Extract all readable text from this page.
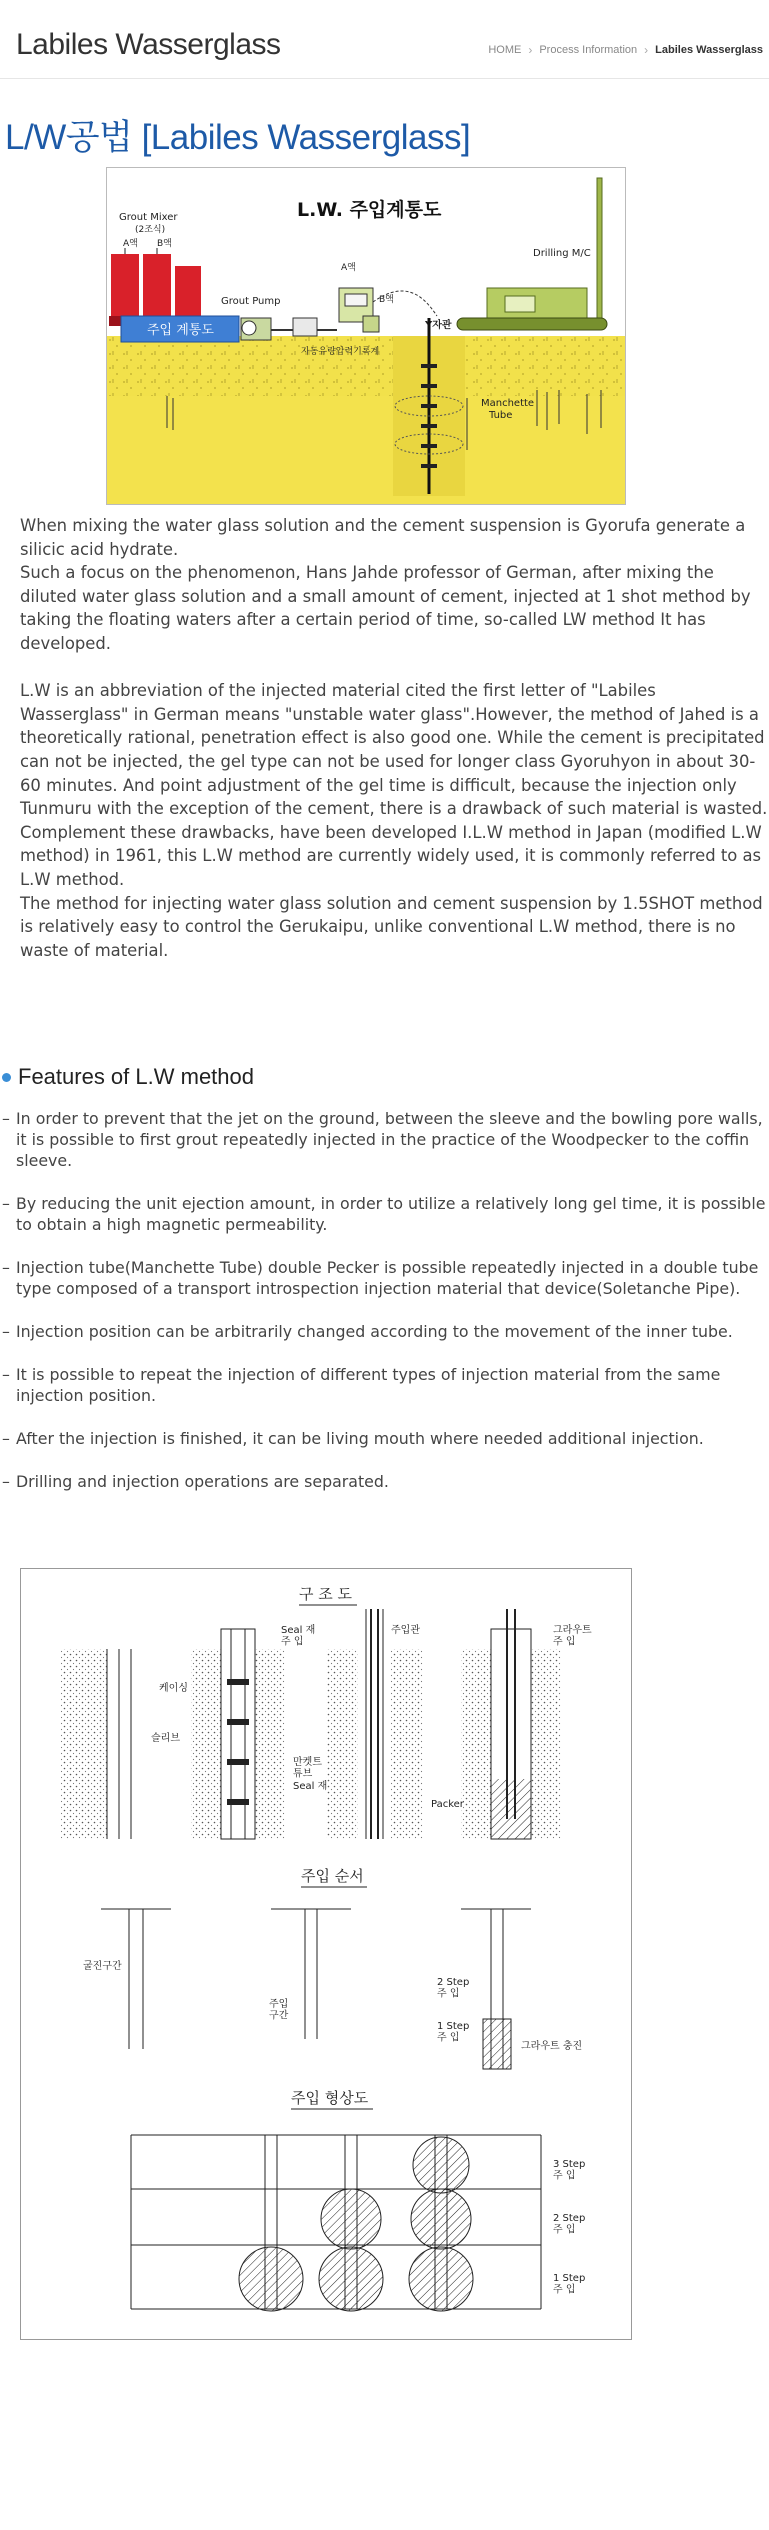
Labiles Wasserglass	HOME › Process Information › Labiles Wasserglass
L/W공법 [Labiles Wasserglass]
L.W. 주입계통도
Grout Mixer
(2조식)
A액 B액
주입 계통도
Grout Pump
A액
B액
자동유량압력기록계
Y자관
Drilling M/C
Manchette
Tube

When mixing the water glass solution and the cement suspension is Gyorufa generate a silicic acid hydrate.

Such a focus on the phenomenon, Hans Jahde professor of German, after mixing the diluted water glass solution and a small amount of cement, injected at 1 shot method by taking the floating waters after a certain period of time, so-called LW method It has developed.

L.W is an abbreviation of the injected material cited the first letter of "Labiles Wasserglass" in German means "unstable water glass".However, the method of Jahed is a theoretically rational, penetration effect is also good one. While the cement is precipitated can not be injected, the gel type can not be used for longer class Gyoruhyon in about 30-60 minutes. And point adjustment of the gel time is difficult, because the injection only Tunmuru with the exception of the cement, there is a drawback of such material is wasted.

Complement these drawbacks, have been developed I.L.W method in Japan (modified L.W method) in 1961, this L.W method are currently widely used, it is commonly referred to as L.W method.

The method for injecting water glass solution and cement suspension by 1.5SHOT method is relatively easy to control the Gerukaipu, unlike conventional L.W method, there is no waste of material.

Features of L.W method
– In order to prevent that the jet on the ground, between the sleeve and the bowling pore walls, it is possible to first grout repeatedly injected in the practice of the Woodpecker to the coffin sleeve.
– By reducing the unit ejection amount, in order to utilize a relatively long gel time, it is possible to obtain a high magnetic permeability.
– Injection tube(Manchette Tube) double Pecker is possible repeatedly injected in a double tube type composed of a transport introspection injection material that device(Soletanche Pipe).
– Injection position can be arbitrarily changed according to the movement of the inner tube.
– It is possible to repeat the injection of different types of injection material from the same injection position.
– After the injection is finished, it can be living mouth where needed additional injection.
– Drilling and injection operations are separated.
구 조 도
Seal 재 주 입
주입관	그라우트 주 입
케이싱
슬리브
만켓트 튜브
Seal 재
Packer
주입 순서
굴진구간
주입 구간
2 Step 주 입
1 Step 주 입
그라우트 충진
주입 형상도
3 Step 주 입
2 Step 주 입
1 Step 주 입
